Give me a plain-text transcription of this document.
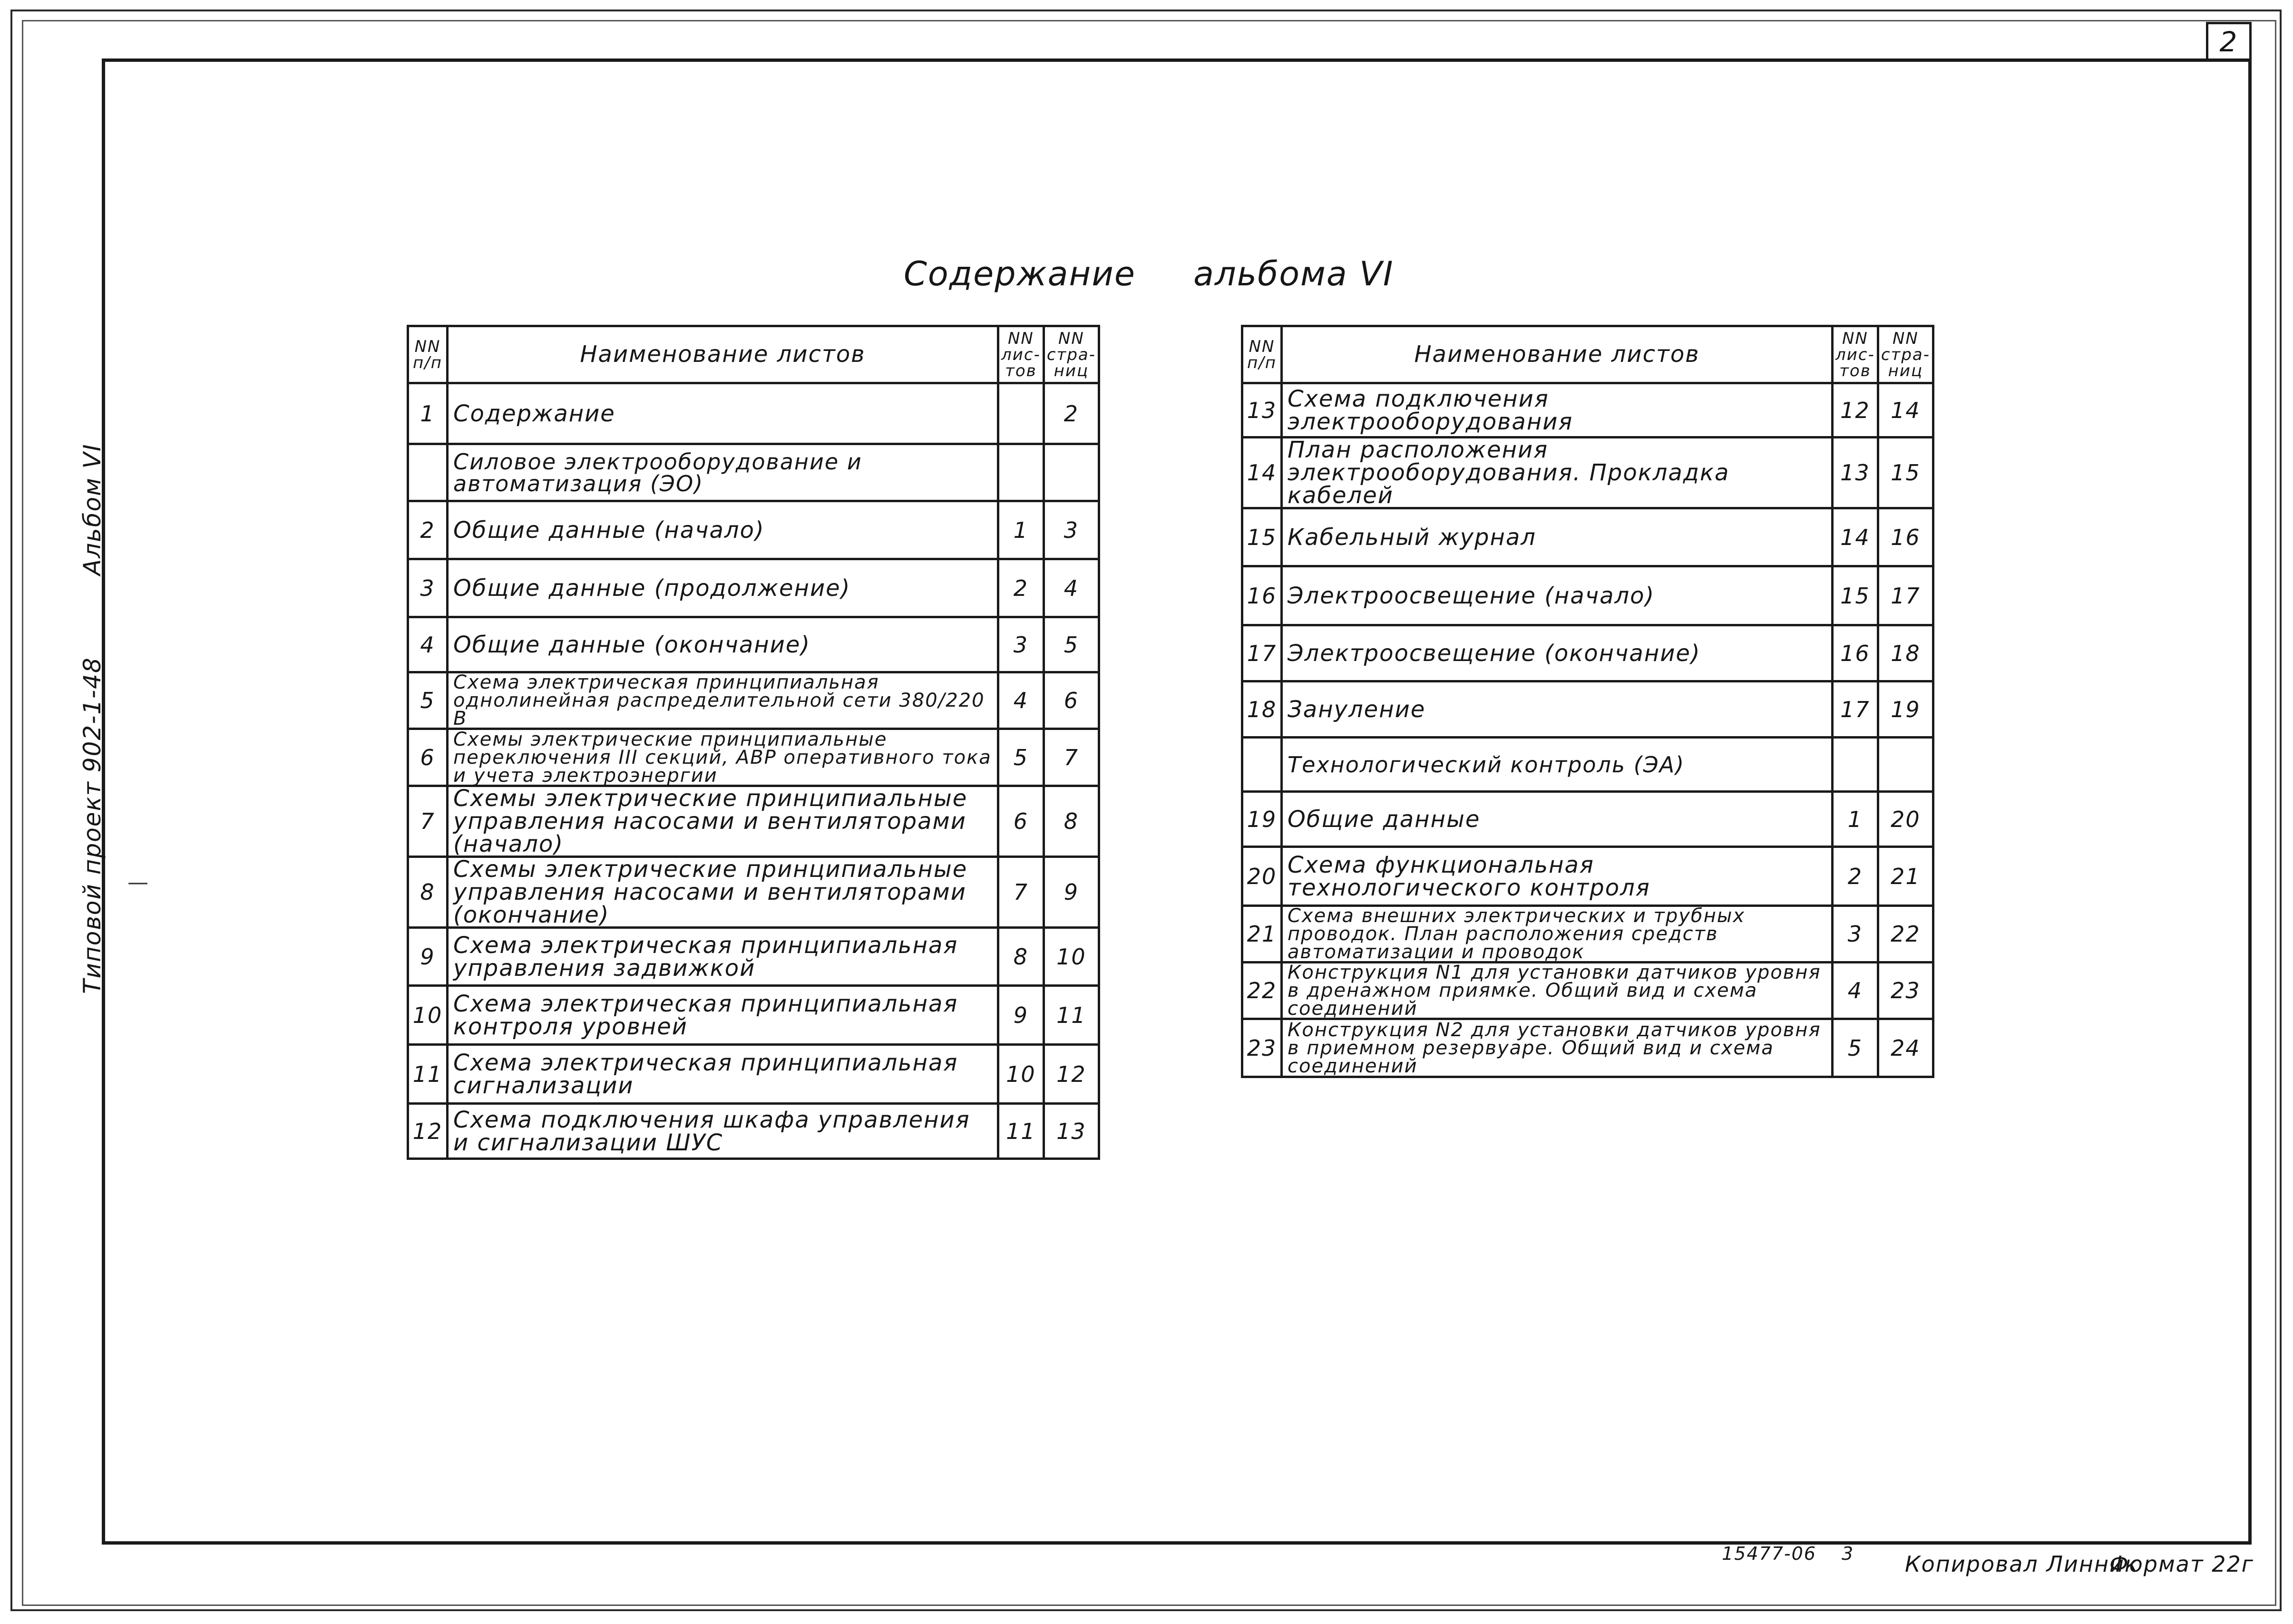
2
Альбом VI
Типовой проект 902-1-48
Содержание     альбома VI
NN п/п	Наименование листов	NN лис-тов	NN стра-ниц
1	Содержание		2
	Силовое электрооборудование и автоматизация (ЭО)		
2	Общие данные (начало)	1	3
3	Общие данные (продолжение)	2	4
4	Общие данные (окончание)	3	5
5	Схема электрическая принципиальная однолинейная распределительной сети 380/220 В	4	6
6	Схемы электрические принципиальные переключения III секций, АВР оперативного тока и учета электроэнергии	5	7
7	Схемы электрические принципиальные управления насосами и вентиляторами (начало)	6	8
8	Схемы электрические принципиальные управления насосами и вентиляторами (окончание)	7	9
9	Схема электрическая принципиальная управления задвижкой	8	10
10	Схема электрическая принципиальная контроля уровней	9	11
11	Схема электрическая принципиальная сигнализации	10	12
12	Схема подключения шкафа управления и сигнализации ШУС	11	13
NN п/п	Наименование листов	NN лис-тов	NN стра-ниц
13	Схема подключения электрооборудования	12	14
14	План расположения электрооборудования. Прокладка кабелей	13	15
15	Кабельный журнал	14	16
16	Электроосвещение (начало)	15	17
17	Электроосвещение (окончание)	16	18
18	Зануление	17	19
	Технологический контроль (ЭА)		
19	Общие данные	1	20
20	Схема функциональная технологического контроля	2	21
21	Схема внешних электрических и трубных проводок. План расположения средств автоматизации и проводок	3	22
22	Конструкция N1 для установки датчиков уровня в дренажном приямке. Общий вид и схема соединений	4	23
23	Конструкция N2 для установки датчиков уровня в приемном резервуаре. Общий вид и схема соединений	5	24
15477-06 3 Копировал Линник
Формат 22г
—
